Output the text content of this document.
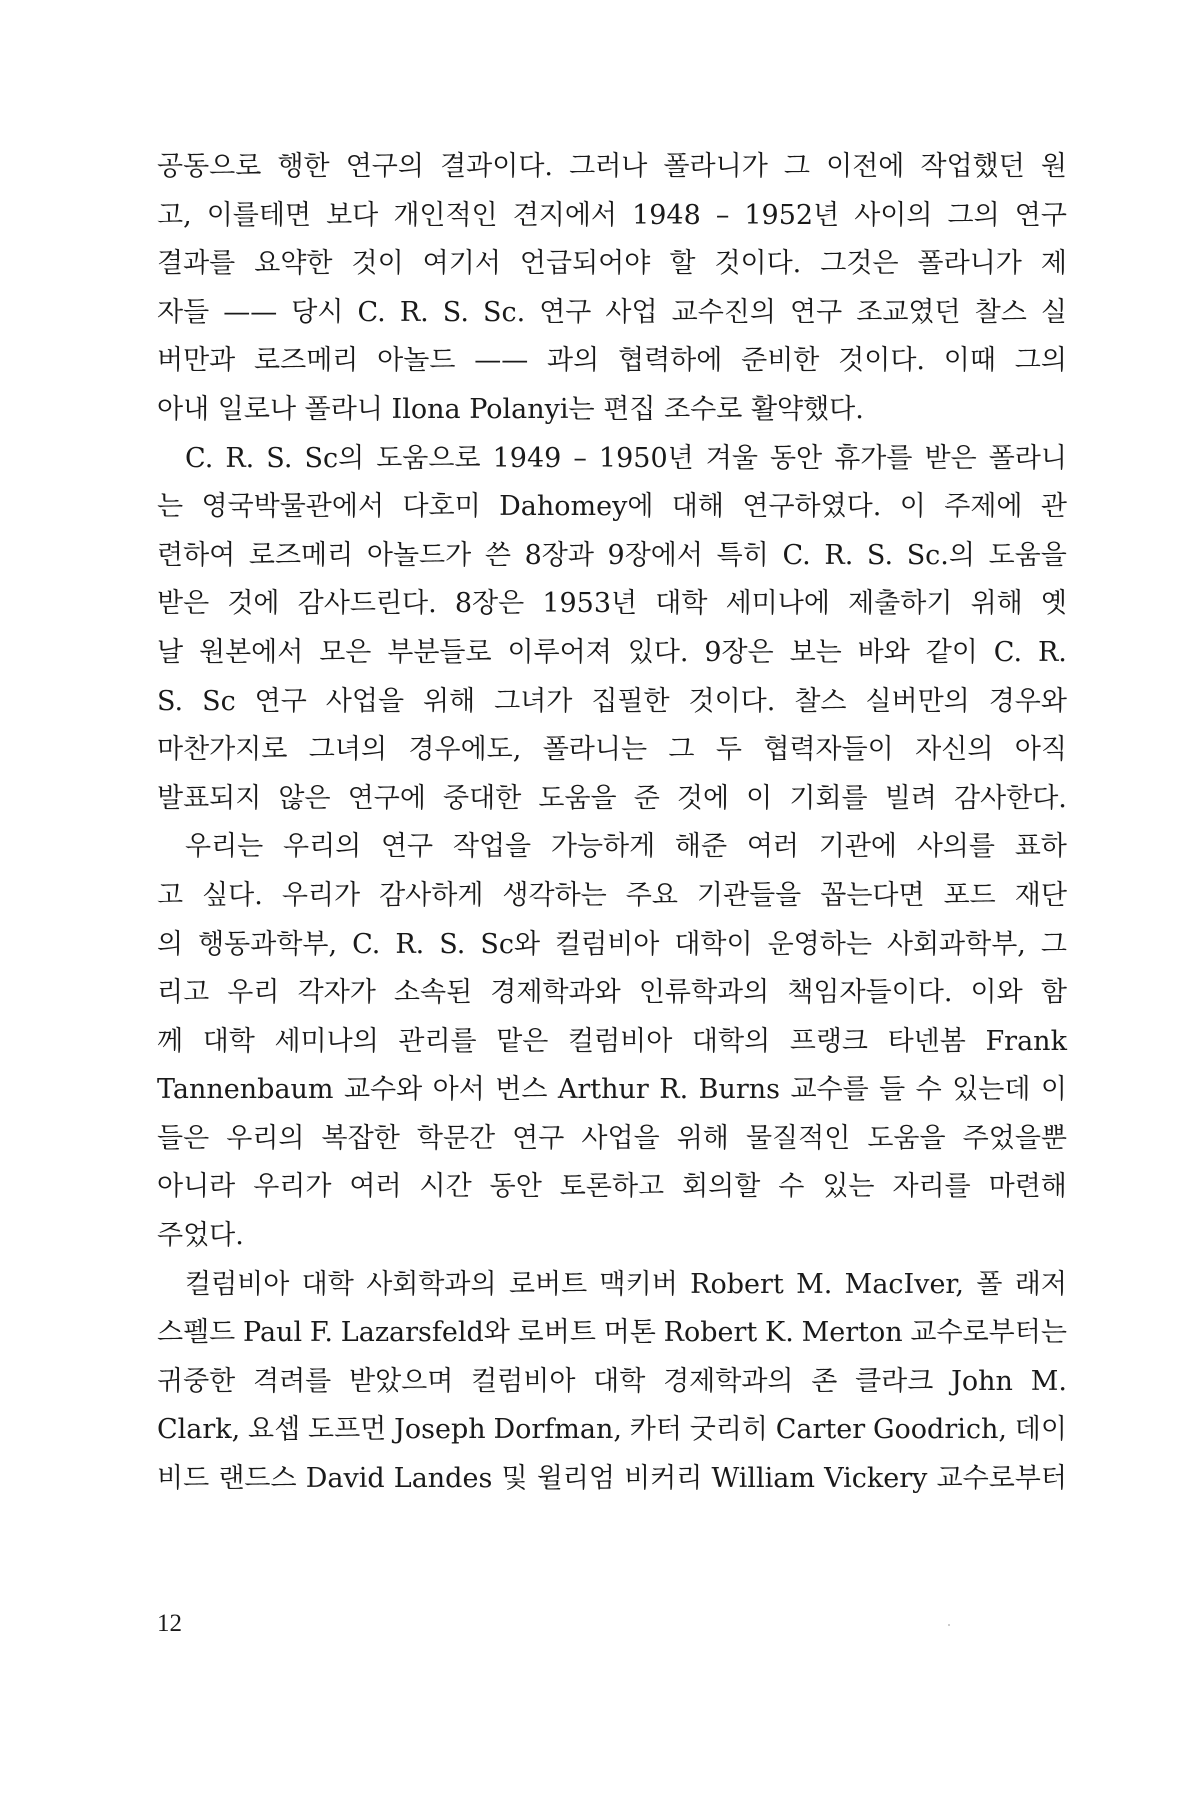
공동으로 행한 연구의 결과이다. 그러나 폴라니가 그 이전에 작업했던 원
고, 이를테면 보다 개인적인 견지에서 1948 – 1952년 사이의 그의 연구
결과를 요약한 것이 여기서 언급되어야 할 것이다. 그것은 폴라니가 제
자들 —— 당시 C. R. S. Sc. 연구 사업 교수진의 연구 조교였던 찰스 실
버만과 로즈메리 아놀드 —— 과의 협력하에 준비한 것이다. 이때 그의
아내 일로나 폴라니 Ilona Polanyi는 편집 조수로 활약했다.
C. R. S. Sc의 도움으로 1949 – 1950년 겨울 동안 휴가를 받은 폴라니
는 영국박물관에서 다호미 Dahomey에 대해 연구하였다. 이 주제에 관
련하여 로즈메리 아놀드가 쓴 8장과 9장에서 특히 C. R. S. Sc.의 도움을
받은 것에 감사드린다. 8장은 1953년 대학 세미나에 제출하기 위해 옛
날 원본에서 모은 부분들로 이루어져 있다. 9장은 보는 바와 같이 C. R.
S. Sc 연구 사업을 위해 그녀가 집필한 것이다. 찰스 실버만의 경우와
마찬가지로 그녀의 경우에도, 폴라니는 그 두 협력자들이 자신의 아직
발표되지 않은 연구에 중대한 도움을 준 것에 이 기회를 빌려 감사한다.
우리는 우리의 연구 작업을 가능하게 해준 여러 기관에 사의를 표하
고 싶다. 우리가 감사하게 생각하는 주요 기관들을 꼽는다면 포드 재단
의 행동과학부, C. R. S. Sc와 컬럼비아 대학이 운영하는 사회과학부, 그
리고 우리 각자가 소속된 경제학과와 인류학과의 책임자들이다. 이와 함
께 대학 세미나의 관리를 맡은 컬럼비아 대학의 프랭크 타넨봄 Frank
Tannenbaum 교수와 아서 번스 Arthur R. Burns 교수를 들 수 있는데 이
들은 우리의 복잡한 학문간 연구 사업을 위해 물질적인 도움을 주었을뿐
아니라 우리가 여러 시간 동안 토론하고 회의할 수 있는 자리를 마련해
주었다.
컬럼비아 대학 사회학과의 로버트 맥키버 Robert M. MacIver, 폴 래저
스펠드 Paul F. Lazarsfeld와 로버트 머톤 Robert K. Merton 교수로부터는
귀중한 격려를 받았으며 컬럼비아 대학 경제학과의 존 클라크 John M.
Clark, 요셉 도프먼 Joseph Dorfman, 카터 굿리히 Carter Goodrich, 데이
비드 랜드스 David Landes 및 윌리엄 비커리 William Vickery 교수로부터
12
